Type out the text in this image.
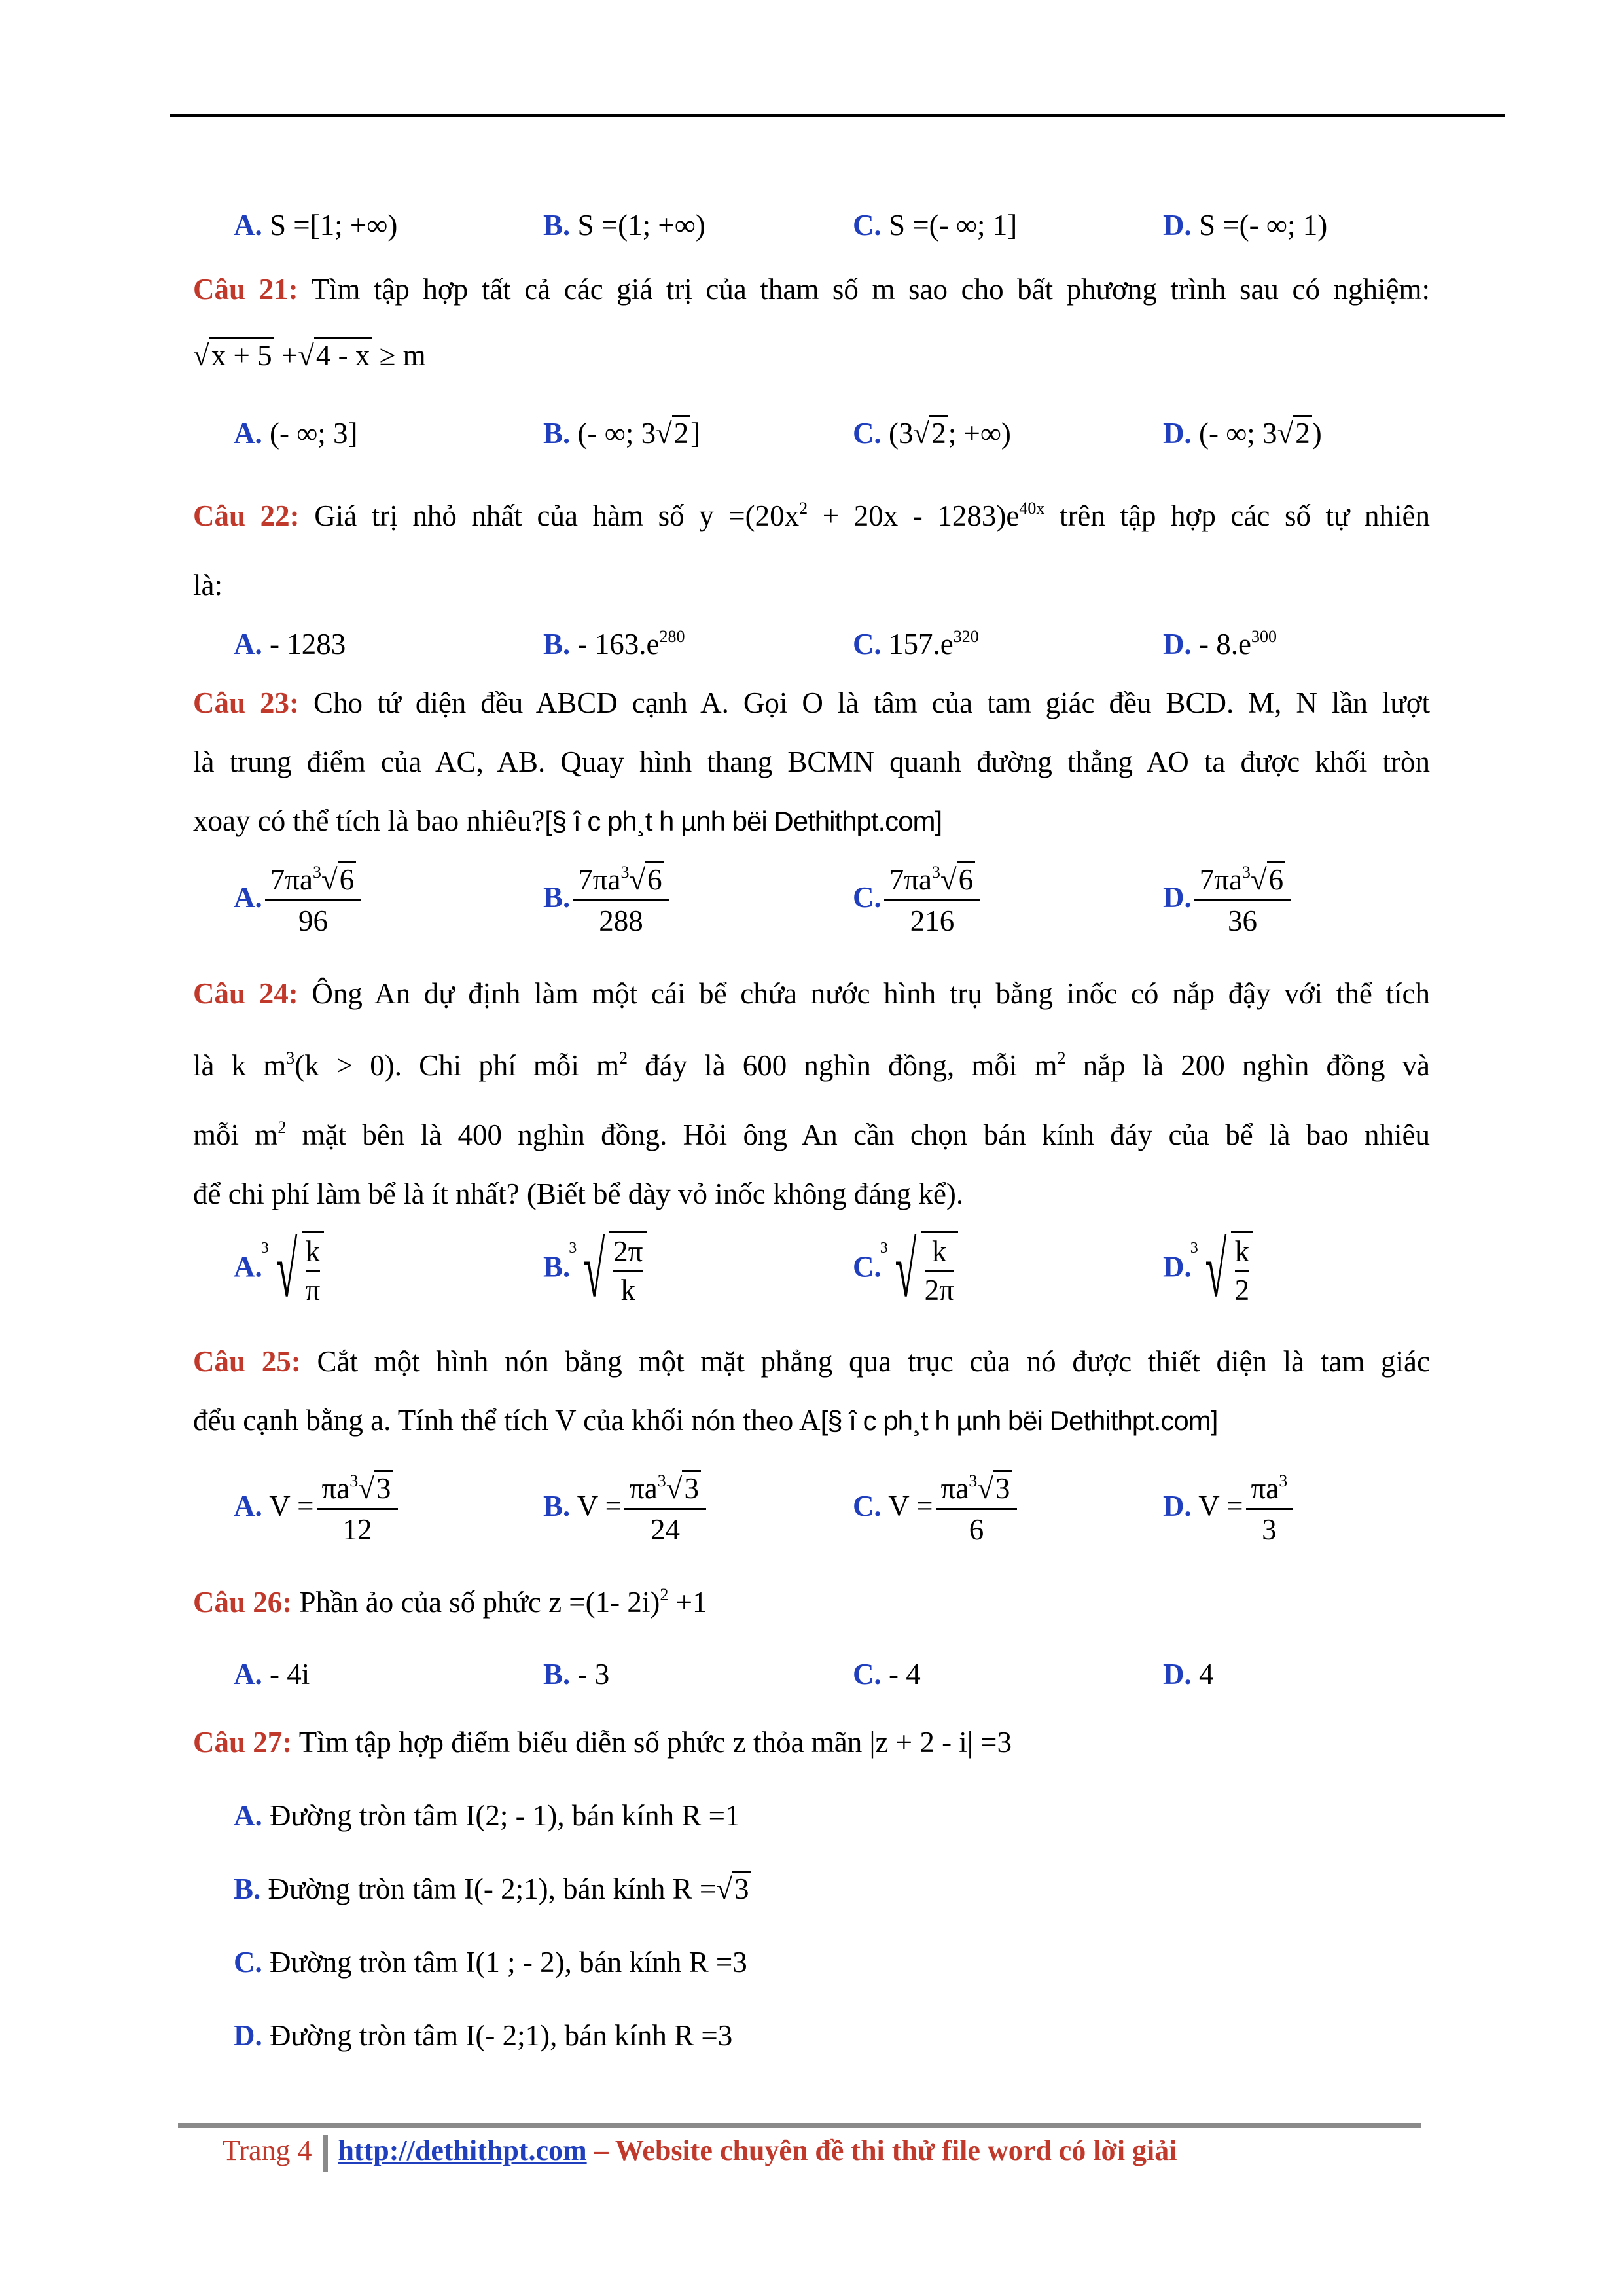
A. S =[1; +∞)	B. S =(1; +∞)	C. S =(- ∞; 1]	D. S =(- ∞; 1)
Câu 21: Tìm tập hợp tất cả các giá trị của tham số m sao cho bất phương trình sau có nghiệm:
√x + 5 +√4 - x ≥ m
A. (- ∞; 3]	B. (- ∞; 3√2]	C. (3√2; +∞)	D. (- ∞; 3√2)
Câu 22: Giá trị nhỏ nhất của hàm số $y =(20x^2 + 20x - 1283)e^{40x}$ trên tập hợp các số tự nhiên
là:
A. - 1283	B. - $163.e^{280}$	C. $157.e^{320}$	D. - $8.e^{300}$
Câu 23: Cho tứ diện đều ABCD cạnh A. Gọi O là tâm của tam giác đều BCD. M, N lần lượt
là trung điểm của AC, AB. Quay hình thang BCMN quanh đường thẳng AO ta được khối tròn
xoay có thể tích là bao nhiêu?[§ î c ph¸t h µnh bëi Dethithpt.com]
A. $\frac{7\pi a^3√6}{96}$	B. $\frac{7\pi a^3√6}{288}$	C. $\frac{7\pi a^3√6}{216}$	D. $\frac{7\pi a^3√6}{36}$
Câu 24: Ông An dự định làm một cái bể chứa nước hình trụ bằng inốc có nắp đậy với thể tích
là k $m^3(k > 0)$. Chi phí mỗi $m^2$ đáy là 600 nghìn đồng, mỗi $m^2$ nắp là 200 nghìn đồng và
mỗi $m^2$ mặt bên là 400 nghìn đồng. Hỏi ông An cần chọn bán kính đáy của bể là bao nhiêu
để chi phí làm bể là ít nhất? (Biết bể dày vỏ inốc không đáng kể).
A.
3 √ $\frac{k}{\pi}$	B.
3 √ $\frac{2\pi}{k}$	C.
3 √ $\frac{k}{2\pi}$	D.
3 √ $\frac{k}{2}$
Câu 25: Cắt một hình nón bằng một mặt phẳng qua trục của nó được thiết diện là tam giác
đểu cạnh bằng a. Tính thể tích V của khối nón theo A[§ î c ph¸t h µnh bëi Dethithpt.com]
A. $V = \frac{\pi a^3√3}{12}$	B. $V = \frac{\pi a^3√3}{24}$	C. $V = \frac{\pi a^3√3}{6}$	D. $V = \frac{\pi a^3}{3}$
Câu 26: Phần ảo của số phức z =(1- 2i)$^2$ +1
A. - 4i	B. - 3	C. - 4	D. 4
Câu 27: Tìm tập hợp điểm biểu diễn số phức z thỏa mãn |z + 2 - i| =3
A. Đường tròn tâm I(2; - 1), bán kính R =1
B. Đường tròn tâm I(- 2;1), bán kính R =√3
C. Đường tròn tâm I(1 ; - 2), bán kính R =3
D. Đường tròn tâm I(- 2;1), bán kính R =3
Trang 4 http://dethithpt.com – Website chuyên đề thi thử file word có lời giải
